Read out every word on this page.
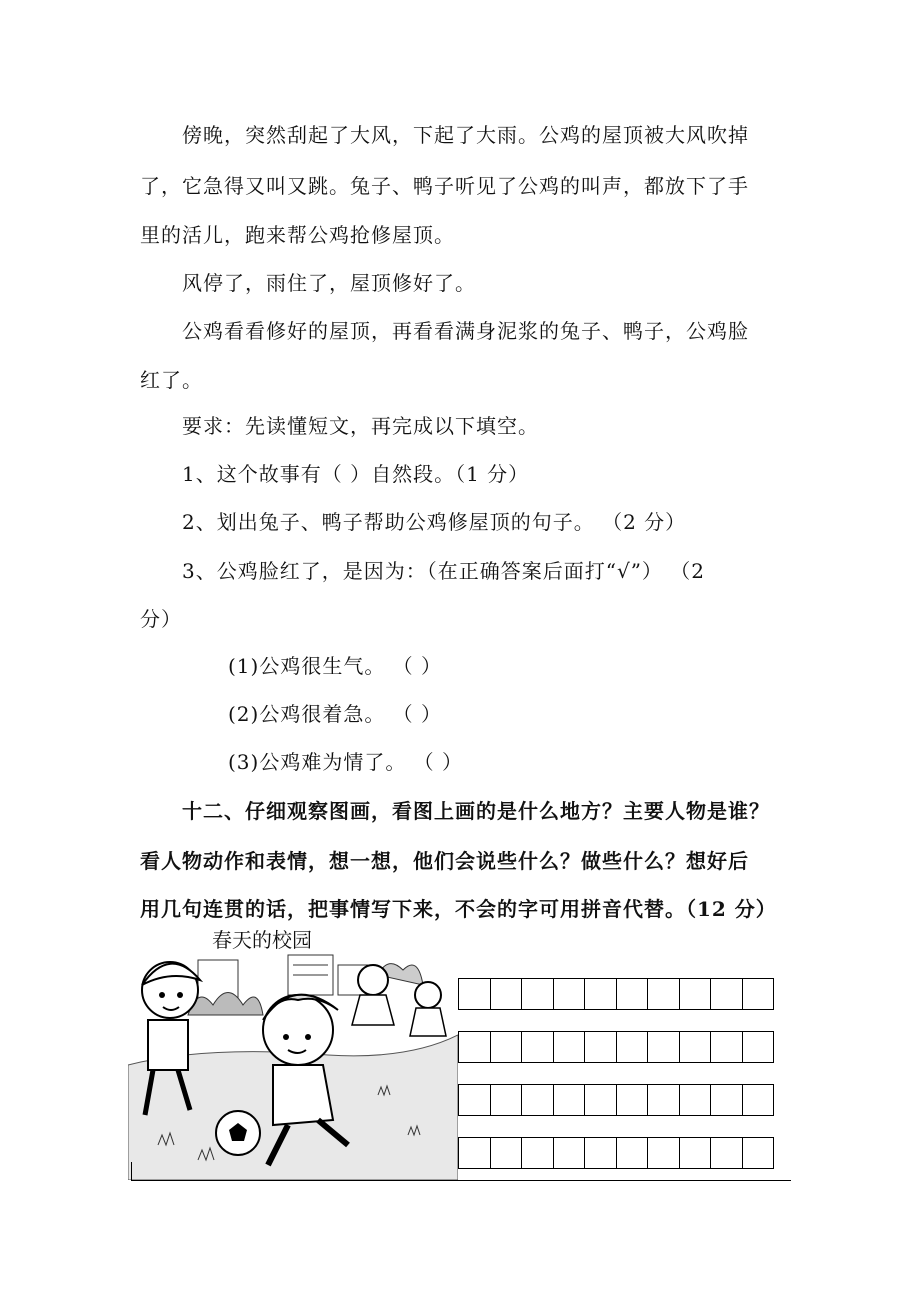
傍晚，突然刮起了大风，下起了大雨。公鸡的屋顶被大风吹掉
了，它急得又叫又跳。兔子、鸭子听见了公鸡的叫声，都放下了手
里的活儿，跑来帮公鸡抢修屋顶。
风停了，雨住了，屋顶修好了。
公鸡看看修好的屋顶，再看看满身泥浆的兔子、鸭子，公鸡脸
红了。
要求：先读懂短文，再完成以下填空。
1、这个故事有（ ）自然段。（1 分）
2、划出兔子、鸭子帮助公鸡修屋顶的句子。 （2 分）
3、公鸡脸红了，是因为：（在正确答案后面打“√”） （2
分）
(1)公鸡很生气。 （ ）
(2)公鸡很着急。 （ ）
(3)公鸡难为情了。 （ ）
十二、仔细观察图画，看图上画的是什么地方？主要人物是谁？
看人物动作和表情，想一想，他们会说些什么？做些什么？想好后
用几句连贯的话，把事情写下来，不会的字可用拼音代替。（12 分）
春天的校园
